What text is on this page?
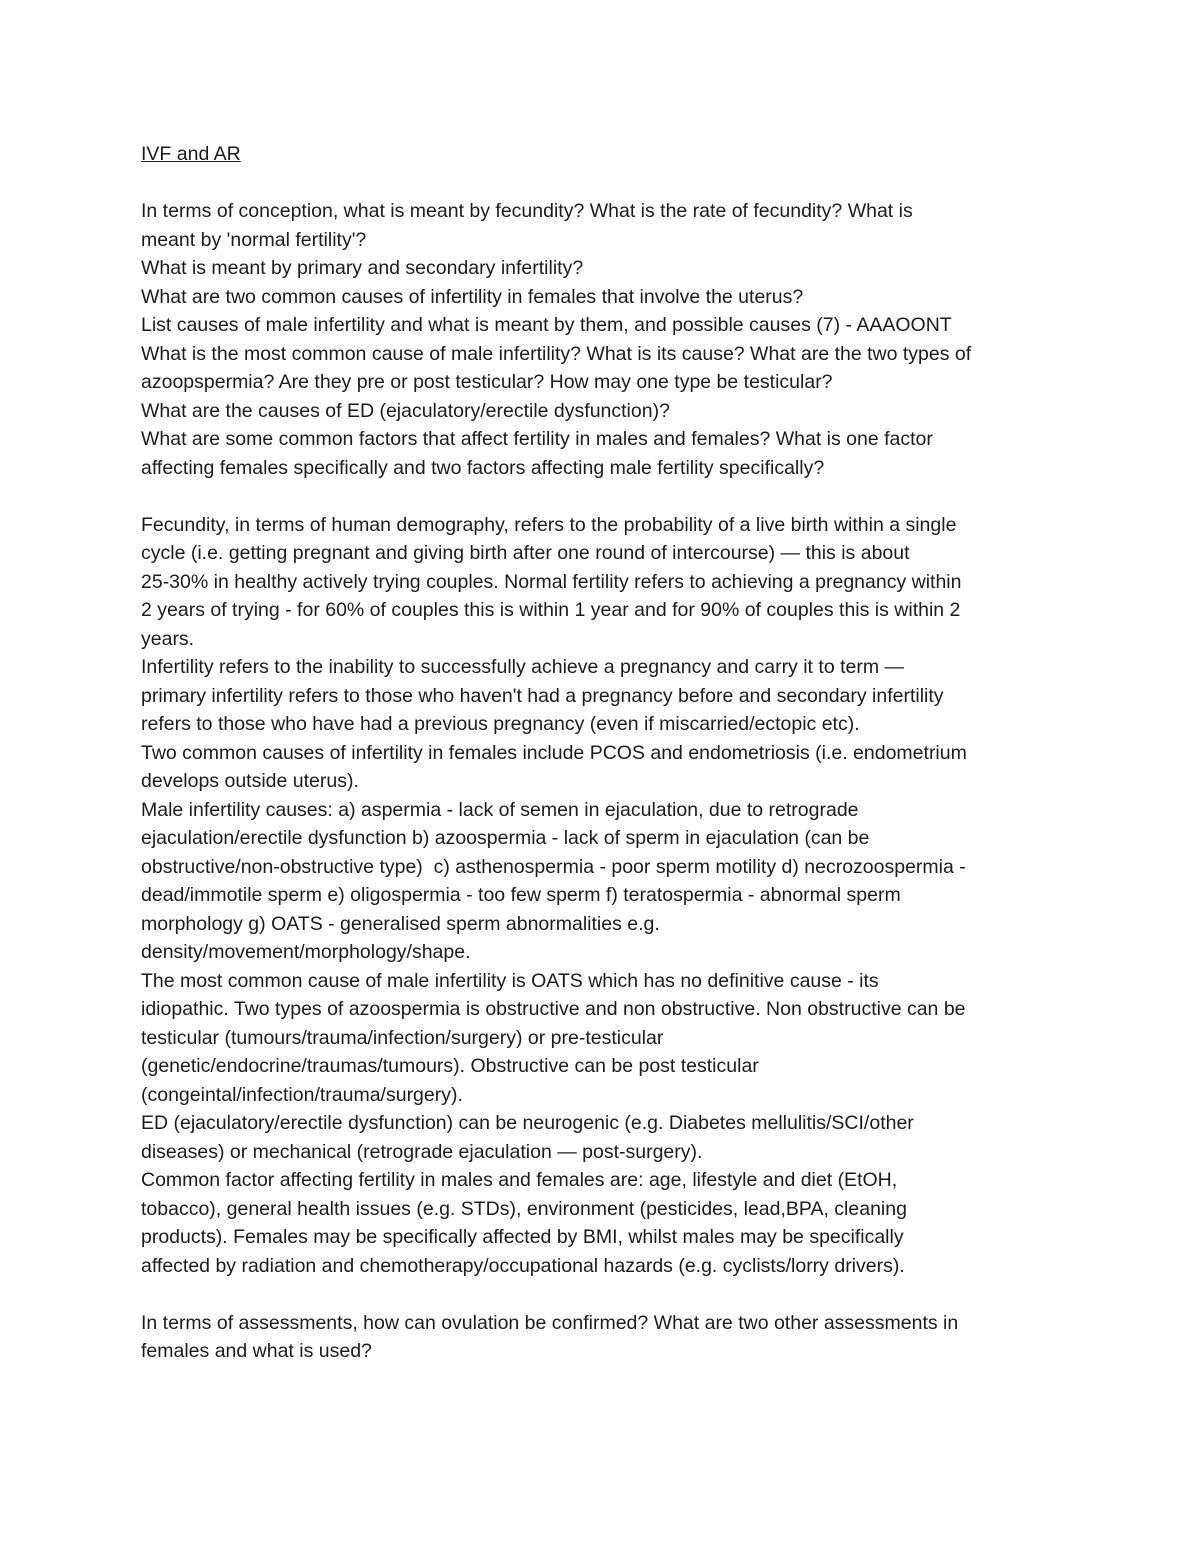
IVF and AR

In terms of conception, what is meant by fecundity? What is the rate of fecundity? What is

meant by 'normal fertility'?

What is meant by primary and secondary infertility?

What are two common causes of infertility in females that involve the uterus?

List causes of male infertility and what is meant by them, and possible causes (7) - AAAOONT

What is the most common cause of male infertility? What is its cause? What are the two types of

azoopspermia? Are they pre or post testicular? How may one type be testicular?

What are the causes of ED (ejaculatory/erectile dysfunction)?

What are some common factors that affect fertility in males and females? What is one factor

affecting females specifically and two factors affecting male fertility specifically?

Fecundity, in terms of human demography, refers to the probability of a live birth within a single

cycle (i.e. getting pregnant and giving birth after one round of intercourse) — this is about

25-30% in healthy actively trying couples. Normal fertility refers to achieving a pregnancy within

2 years of trying - for 60% of couples this is within 1 year and for 90% of couples this is within 2

years.

Infertility refers to the inability to successfully achieve a pregnancy and carry it to term —

primary infertility refers to those who haven't had a pregnancy before and secondary infertility

refers to those who have had a previous pregnancy (even if miscarried/ectopic etc).

Two common causes of infertility in females include PCOS and endometriosis (i.e. endometrium

develops outside uterus).

Male infertility causes: a) aspermia - lack of semen in ejaculation, due to retrograde

ejaculation/erectile dysfunction b) azoospermia - lack of sperm in ejaculation (can be

obstructive/non-obstructive type)  c) asthenospermia - poor sperm motility d) necrozoospermia -

dead/immotile sperm e) oligospermia - too few sperm f) teratospermia - abnormal sperm

morphology g) OATS - generalised sperm abnormalities e.g.

density/movement/morphology/shape.

The most common cause of male infertility is OATS which has no definitive cause - its

idiopathic. Two types of azoospermia is obstructive and non obstructive. Non obstructive can be

testicular (tumours/trauma/infection/surgery) or pre-testicular

(genetic/endocrine/traumas/tumours). Obstructive can be post testicular

(congeintal/infection/trauma/surgery).

ED (ejaculatory/erectile dysfunction) can be neurogenic (e.g. Diabetes mellulitis/SCI/other

diseases) or mechanical (retrograde ejaculation — post-surgery).

Common factor affecting fertility in males and females are: age, lifestyle and diet (EtOH,

tobacco), general health issues (e.g. STDs), environment (pesticides, lead,BPA, cleaning

products). Females may be specifically affected by BMI, whilst males may be specifically

affected by radiation and chemotherapy/occupational hazards (e.g. cyclists/lorry drivers).

In terms of assessments, how can ovulation be confirmed? What are two other assessments in

females and what is used?
